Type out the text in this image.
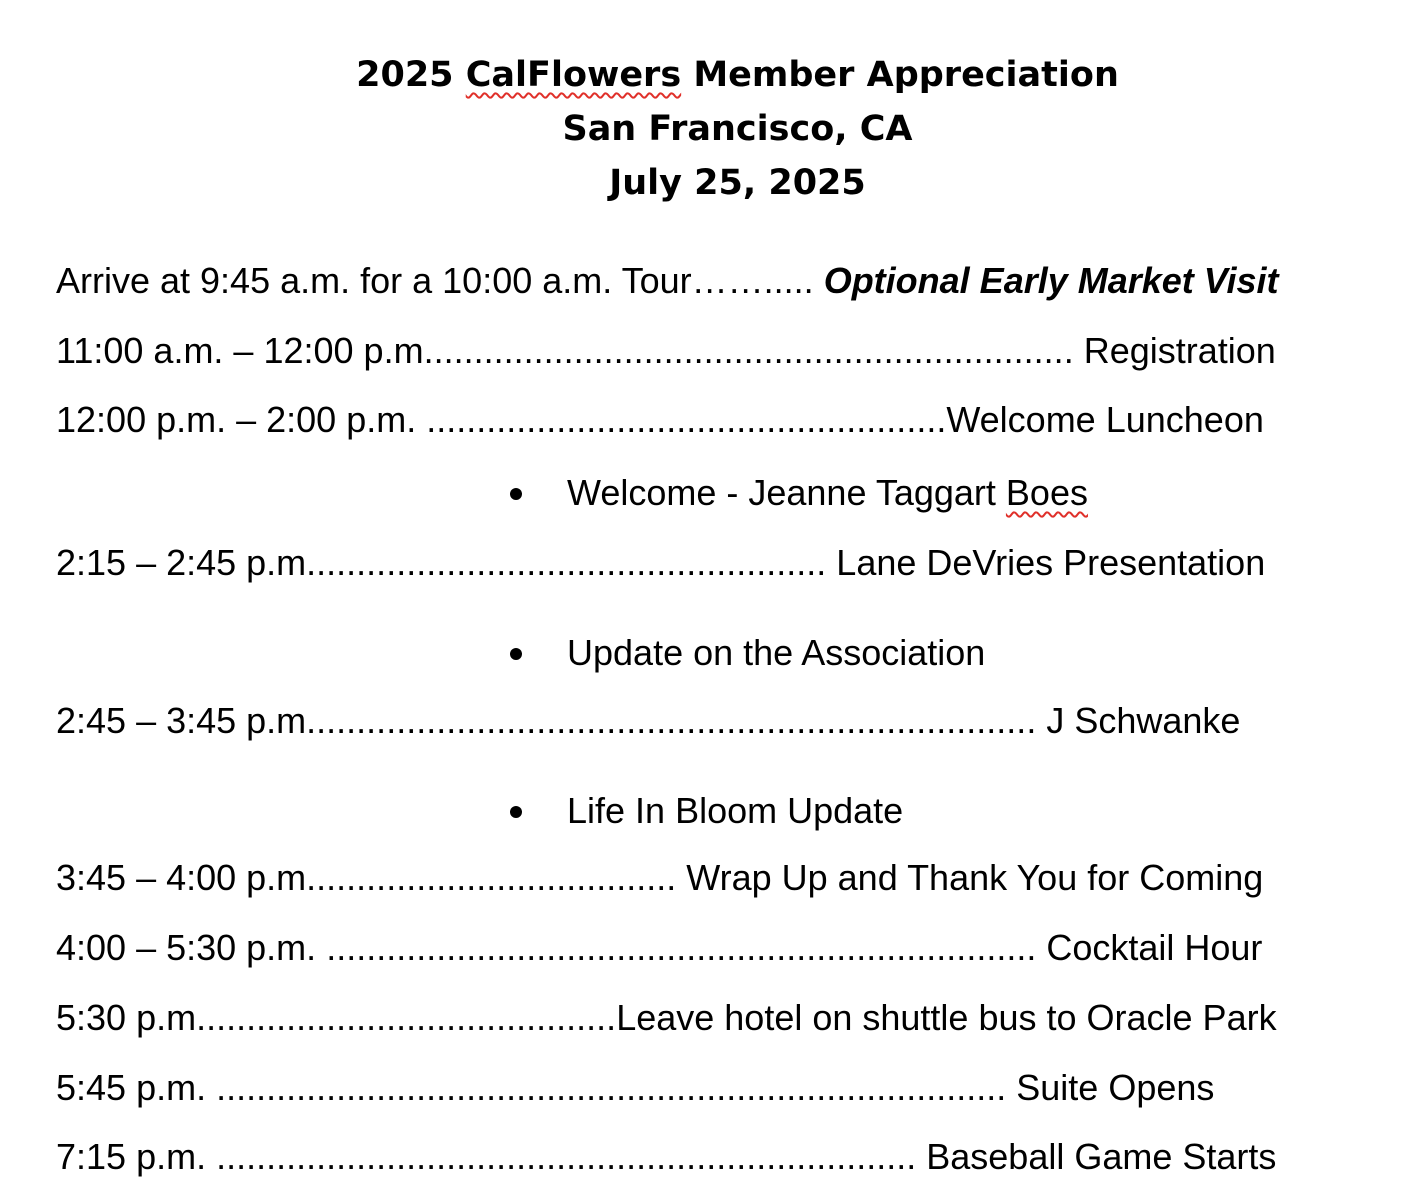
2025 CalFlowers Member Appreciation
San Francisco, CA
July 25, 2025
Arrive at 9:45 a.m. for a 10:00 a.m. Tour……..... Optional Early Market Visit
11:00 a.m. – 12:00 p.m................................................................. Registration
12:00 p.m. – 2:00 p.m. ....................................................Welcome Luncheon
Welcome - Jeanne Taggart Boes
2:15 – 2:45 p.m.................................................... Lane DeVries Presentation
Update on the Association
2:45 – 3:45 p.m......................................................................... J Schwanke
Life In Bloom Update
3:45 – 4:00 p.m..................................... Wrap Up and Thank You for Coming
4:00 – 5:30 p.m. ....................................................................... Cocktail Hour
5:30 p.m..........................................Leave hotel on shuttle bus to Oracle Park
5:45 p.m. ............................................................................... Suite Opens
7:15 p.m. ...................................................................... Baseball Game Starts
